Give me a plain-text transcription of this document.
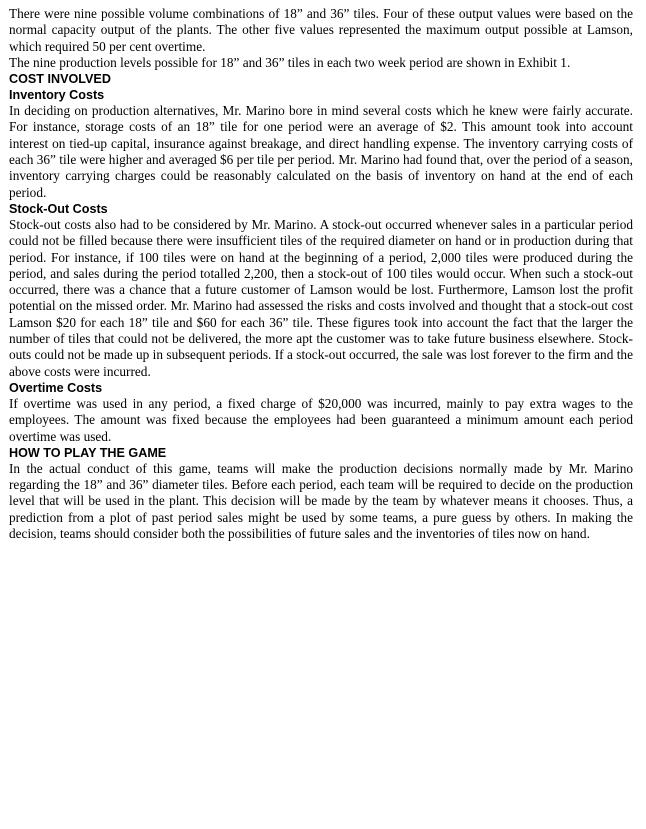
There were nine possible volume combinations of 18” and 36” tiles. Four of these output values were based on the normal capacity output of the plants. The other five values represented the maximum output possible at Lamson, which required 50 per cent overtime.

The nine production levels possible for 18” and 36” tiles in each two week period are shown in Exhibit 1.

COST INVOLVED
Inventory Costs

In deciding on production alternatives, Mr. Marino bore in mind several costs which he knew were fairly accurate. For instance, storage costs of an 18” tile for one period were an average of $2. This amount took into account interest on tied-up capital, insurance against breakage, and direct handling expense. The inventory carrying costs of each 36” tile were higher and averaged $6 per tile per period. Mr. Marino had found that, over the period of a season, inventory carrying charges could be reasonably calculated on the basis of inventory on hand at the end of each period.

Stock-Out Costs

Stock-out costs also had to be considered by Mr. Marino. A stock-out occurred whenever sales in a particular period could not be filled because there were insufficient tiles of the required diameter on hand or in production during that period. For instance, if 100 tiles were on hand at the beginning of a period, 2,000 tiles were produced during the period, and sales during the period totalled 2,200, then a stock-out of 100 tiles would occur. When such a stock-out occurred, there was a chance that a future customer of Lamson would be lost. Furthermore, Lamson lost the profit potential on the missed order. Mr. Marino had assessed the risks and costs involved and thought that a stock-out cost Lamson $20 for each 18” tile and $60 for each 36” tile. These figures took into account the fact that the larger the number of tiles that could not be delivered, the more apt the customer was to take future business elsewhere. Stock-outs could not be made up in subsequent periods. If a stock-out occurred, the sale was lost forever to the firm and the above costs were incurred.

Overtime Costs

If overtime was used in any period, a fixed charge of $20,000 was incurred, mainly to pay extra wages to the employees. The amount was fixed because the employees had been guaranteed a minimum amount each period overtime was used.

HOW TO PLAY THE GAME

In the actual conduct of this game, teams will make the production decisions normally made by Mr. Marino regarding the 18” and 36” diameter tiles. Before each period, each team will be required to decide on the production level that will be used in the plant. This decision will be made by the team by whatever means it chooses. Thus, a prediction from a plot of past period sales might be used by some teams, a pure guess by others. In making the decision, teams should consider both the possibilities of future sales and the inventories of tiles now on hand.
